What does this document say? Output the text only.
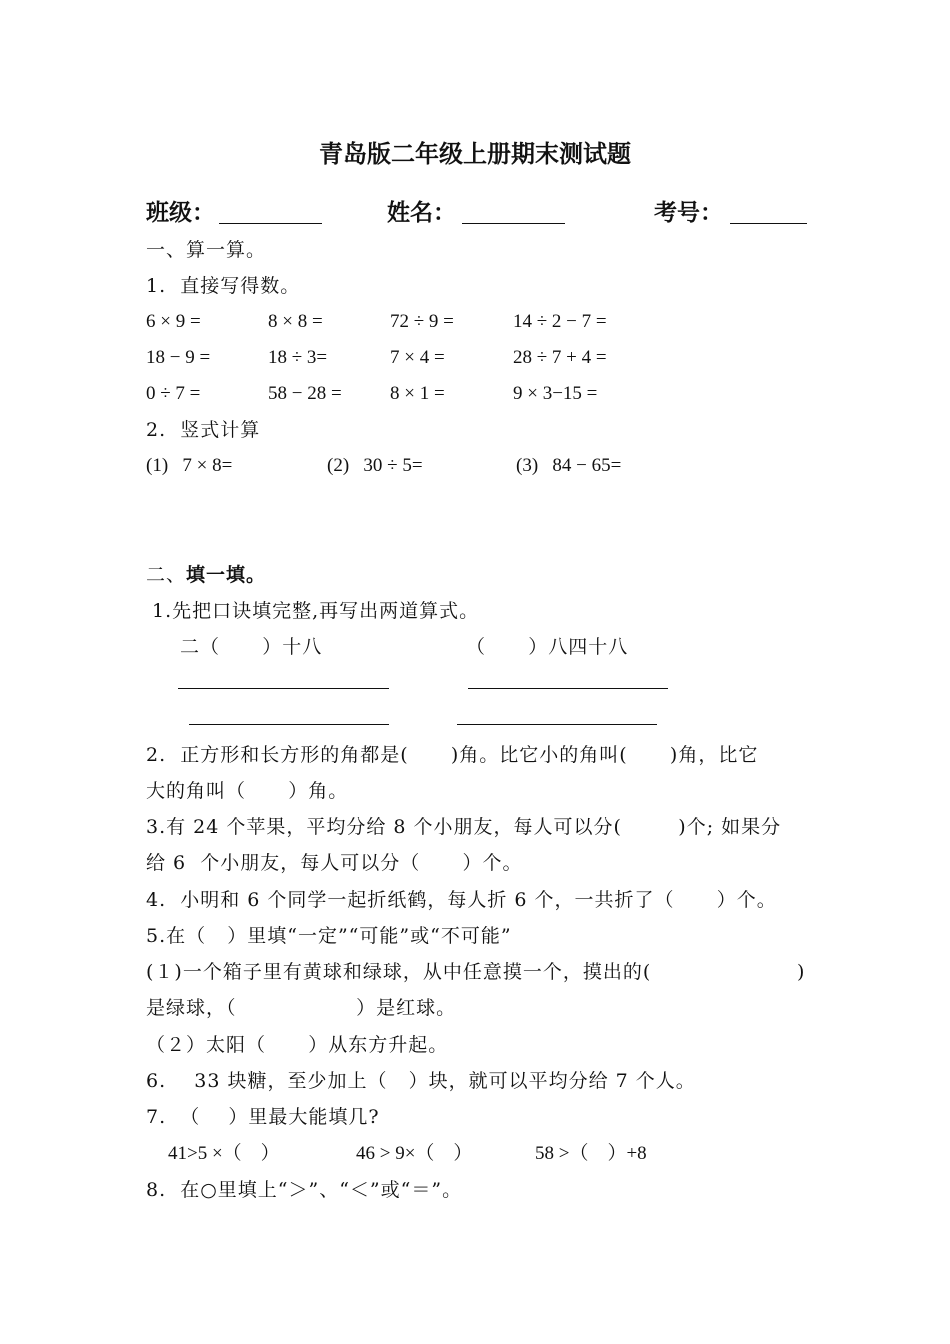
青岛版二年级上册期末测试题
班级：	姓名：	考号：
一、算一算。
1.  直接写得数。
6 × 9 =	8 × 8 =	72 ÷ 9 =	14 ÷ 2 − 7 =
18 − 9 =	18 ÷ 3=	7 × 4 =	28 ÷ 7 + 4 =
0 ÷ 7 =	58 − 28 =	8 × 1 =	9 × 3−15 =
2.  竖式计算
(1)   7 × 8=	(2)   30 ÷ 5=	(3)   84 − 65=
二、填一填。
1.先把口诀填完整,再写出两道算式。
二（      ）十八	（      ）八四十八
2.  正方形和长方形的角都是(      )角。比它小的角叫(      )角，比它
大的角叫（      ）角。
3.有 24 个苹果，平均分给 8 个小朋友，每人可以分(        )个; 如果分
给 6  个小朋友，每人可以分（      ）个。
4.  小明和 6 个同学一起折纸鹤，每人折 6 个，一共折了（      ）个。
5.在（   ）里填“一定”“可能”或“不可能”
(１)一个箱子里有黄球和绿球，从中任意摸一个，摸出的(	)
是绿球，（                 ）是红球。
（２）太阳（      ）从东方升起。
6.    33 块糖，至少加上（   ）块，就可以平均分给 7 个人。
7.  （    ）里最大能填几?
41>5 ×（    ）	46 > 9×（    ）	58 >（    ）+8
8.  在○里填上“＞”、“＜”或“＝”。
